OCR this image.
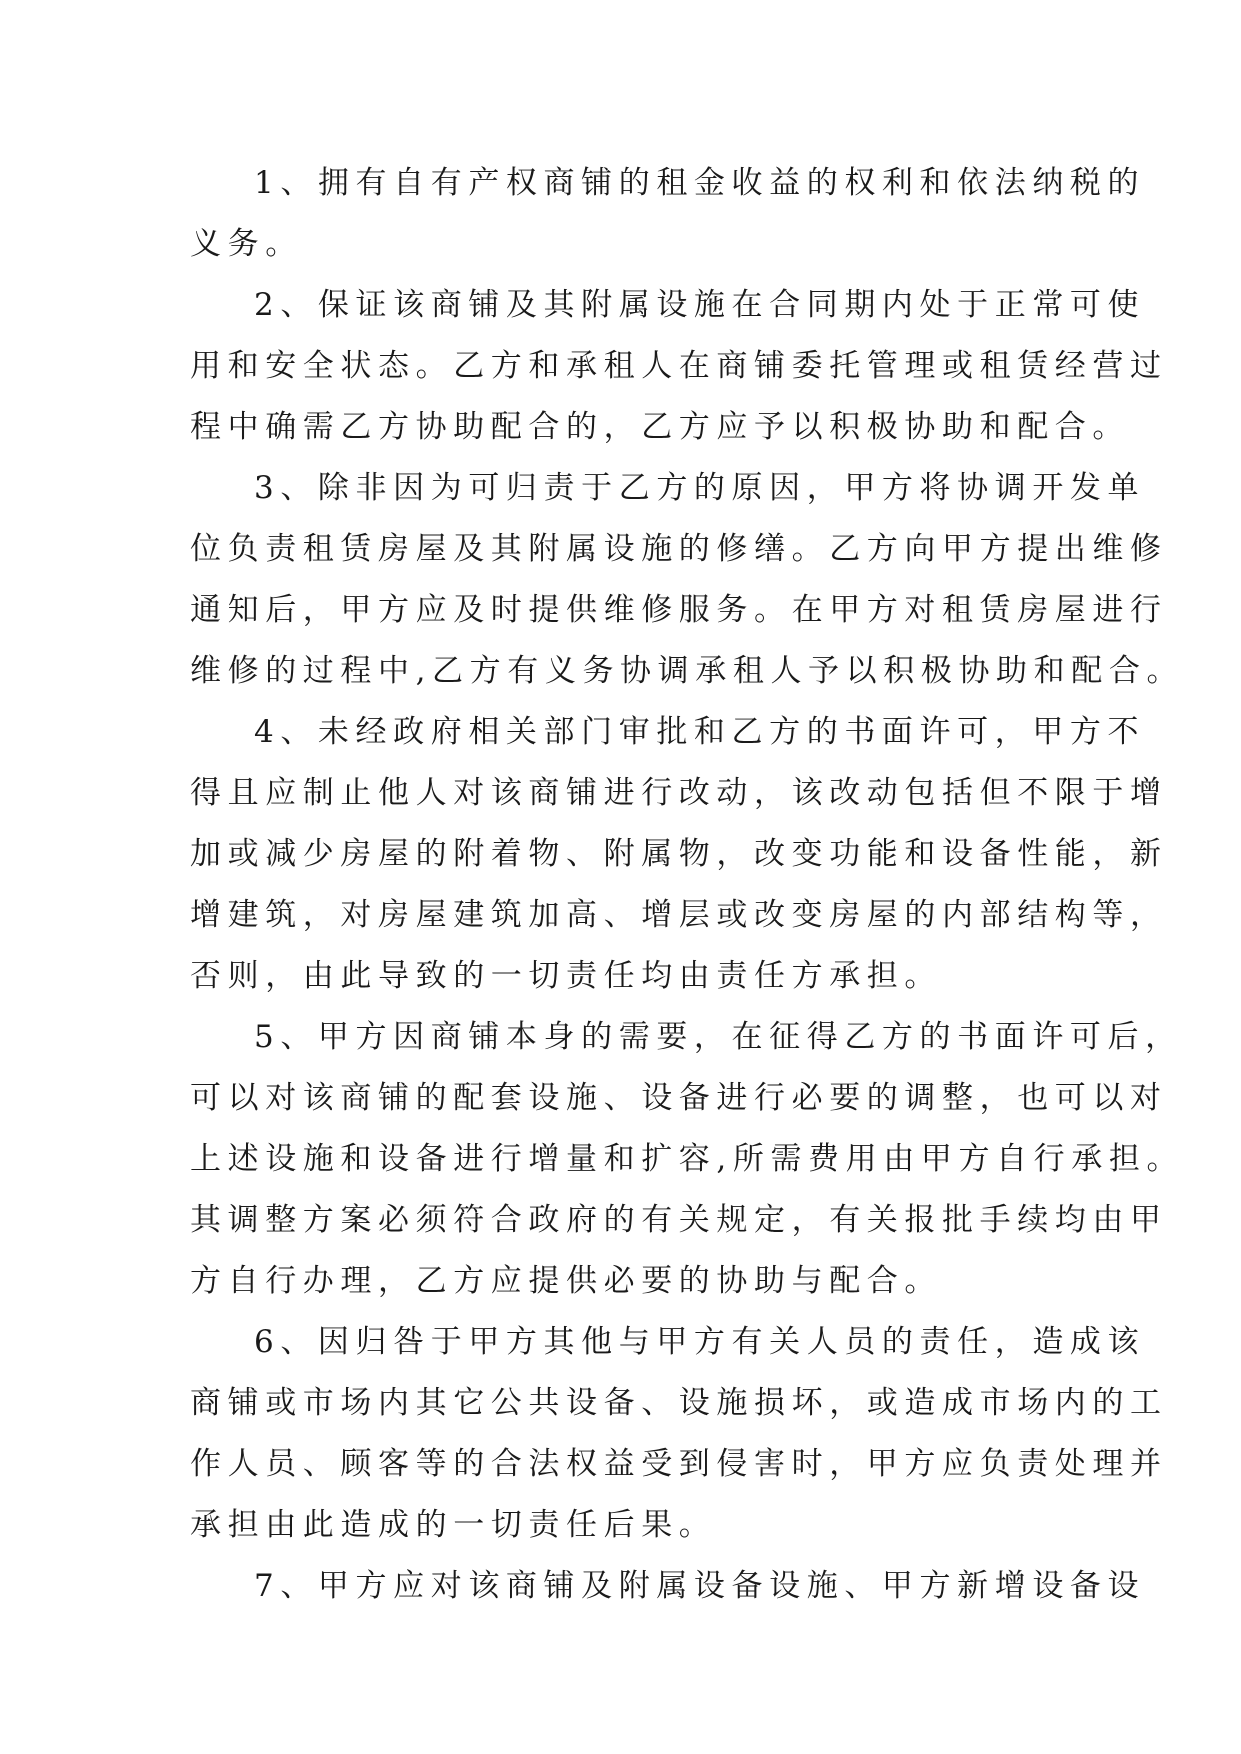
1、拥有自有产权商铺的租金收益的权利和依法纳税的
义务。
2、保证该商铺及其附属设施在合同期内处于正常可使
用和安全状态。乙方和承租人在商铺委托管理或租赁经营过
程中确需乙方协助配合的，乙方应予以积极协助和配合。
3、除非因为可归责于乙方的原因，甲方将协调开发单
位负责租赁房屋及其附属设施的修缮。乙方向甲方提出维修
通知后，甲方应及时提供维修服务。在甲方对租赁房屋进行
维修的过程中,乙方有义务协调承租人予以积极协助和配合。
4、未经政府相关部门审批和乙方的书面许可，甲方不
得且应制止他人对该商铺进行改动，该改动包括但不限于增
加或减少房屋的附着物、附属物，改变功能和设备性能，新
增建筑，对房屋建筑加高、增层或改变房屋的内部结构等，
否则，由此导致的一切责任均由责任方承担。
5、甲方因商铺本身的需要，在征得乙方的书面许可后，
可以对该商铺的配套设施、设备进行必要的调整，也可以对
上述设施和设备进行增量和扩容,所需费用由甲方自行承担。
其调整方案必须符合政府的有关规定，有关报批手续均由甲
方自行办理，乙方应提供必要的协助与配合。
6、因归咎于甲方其他与甲方有关人员的责任，造成该
商铺或市场内其它公共设备、设施损坏，或造成市场内的工
作人员、顾客等的合法权益受到侵害时，甲方应负责处理并
承担由此造成的一切责任后果。
7、甲方应对该商铺及附属设备设施、甲方新增设备设
